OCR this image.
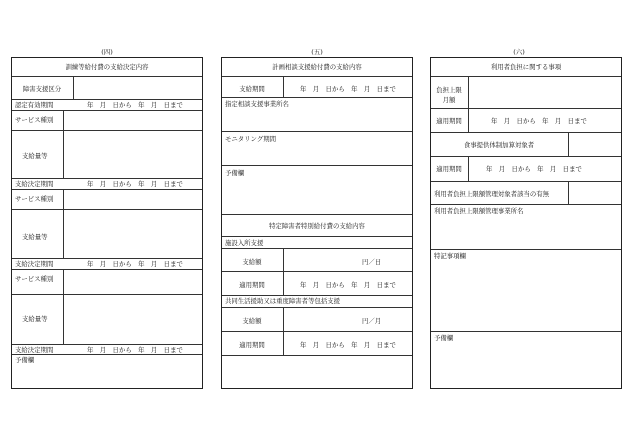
(四)	(五)	(六)
訓練等給付費の支給決定内容
障害支援区分
認定有効期間	年　月　日から　年　月　日まで
サービス種別
支給量等
支給決定期間	年　月　日から　年　月　日まで
サービス種別
支給量等
支給決定期間	年　月　日から　年　月　日まで
サービス種別
支給量等
支給決定期間	年　月　日から　年　月　日まで
予備欄
計画相談支援給付費の支給内容
支給期間	年　月　日から　年　月　日まで
指定相談支援事業所名
モニタリング期間
予備欄
特定障害者特別給付費の支給内容
施設入所支援
支給額	円／日
適用期間	年　月　日から　年　月　日まで
共同生活援助又は重度障害者等包括支援
支給額	円／月
適用期間	年　月　日から　年　月　日まで
利用者負担に関する事項
負担上限
月額
適用期間	年　月　日から　年　月　日まで
食事提供体制加算対象者
適用期間	年　月　日から　年　月　日まで
利用者負担上限額管理対象者該当の有無
利用者負担上限額管理事業所名
特記事項欄
予備欄
